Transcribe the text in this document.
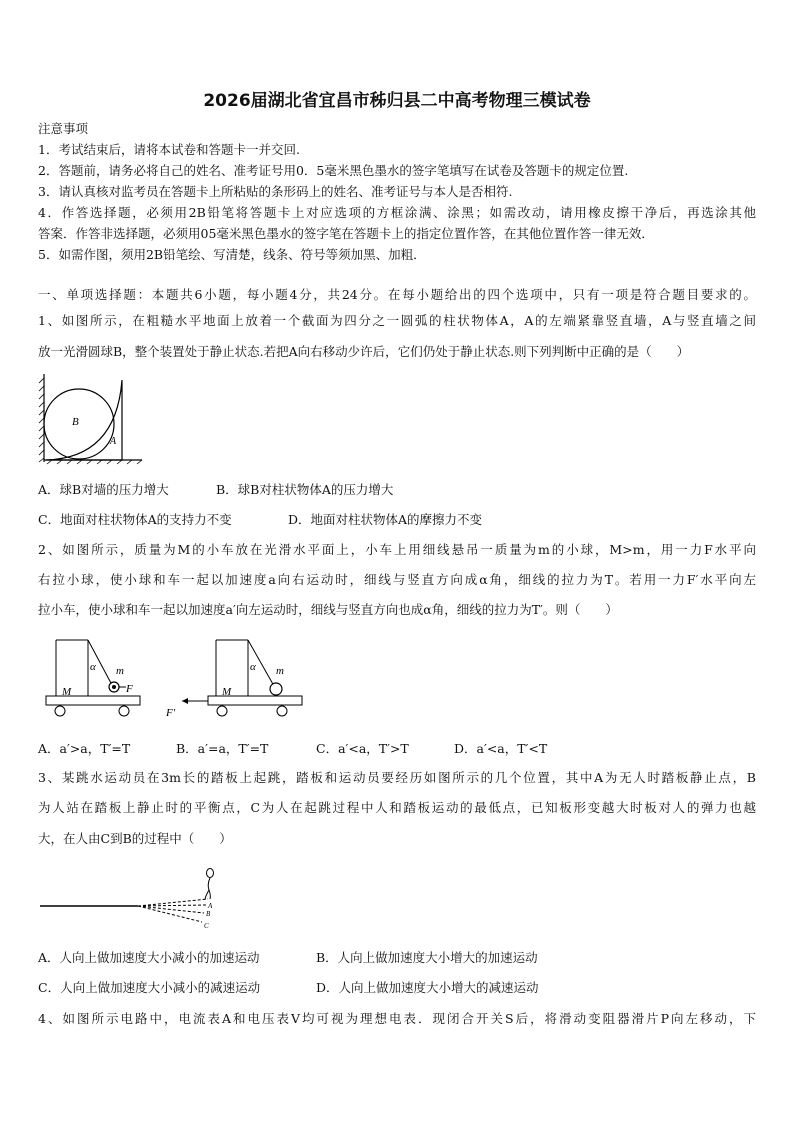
2026届湖北省宜昌市秭归县二中高考物理三模试卷
注意事项
1．考试结束后，请将本试卷和答题卡一并交回.
2．答题前，请务必将自己的姓名、准考证号用0．5毫米黑色墨水的签字笔填写在试卷及答题卡的规定位置.
3．请认真核对监考员在答题卡上所粘贴的条形码上的姓名、准考证号与本人是否相符.
4．作答选择题，必须用2B铅笔将答题卡上对应选项的方框涂满、涂黑；如需改动，请用橡皮擦干净后，再选涂其他
答案．作答非选择题，必须用05毫米黑色墨水的签字笔在答题卡上的指定位置作答，在其他位置作答一律无效．
5．如需作图，须用2B铅笔绘、写清楚，线条、符号等须加黑、加粗．
一、单项选择题：本题共6小题，每小题4分，共24分。在每小题给出的四个选项中，只有一项是符合题目要求的。
1、如图所示，在粗糙水平地面上放着一个截面为四分之一圆弧的柱状物体A，A的左端紧靠竖直墙，A与竖直墙之间
放一光滑圆球B，整个装置处于静止状态.若把A向右移动少许后，它们仍处于静止状态.则下列判断中正确的是（　　）
B
A
A．球B对墙的压力增大	B．球B对柱状物体A的压力增大
C．地面对柱状物体A的支持力不变	D．地面对柱状物体A的摩擦力不变
2、如图所示，质量为M的小车放在光滑水平面上，小车上用细线悬吊一质量为m的小球，M>m，用一力F水平向
右拉小球，使小球和车一起以加速度a向右运动时，细线与竖直方向成α角，细线的拉力为T。若用一力F′水平向左
拉小车，使小球和车一起以加速度a′向左运动时，细线与竖直方向也成α角，细线的拉力为T′。则（　　）
α m
M	F
α m
M
F′
A．a′>a，T′=T	B．a′=a，T′=T	C．a′<a，T′>T	D．a′<a，T′<T
3、某跳水运动员在3m长的踏板上起跳，踏板和运动员要经历如图所示的几个位置，其中A为无人时踏板静止点，B
为人站在踏板上静止时的平衡点，C为人在起跳过程中人和踏板运动的最低点，已知板形变越大时板对人的弹力也越
大，在人由C到B的过程中（　　）
A
B
C
A．人向上做加速度大小减小的加速运动	B．人向上做加速度大小增大的加速运动
C．人向上做加速度大小减小的减速运动	D．人向上做加速度大小增大的减速运动
4、如图所示电路中，电流表A和电压表V均可视为理想电表．现闭合开关S后，将滑动变阻器滑片P向左移动，下
